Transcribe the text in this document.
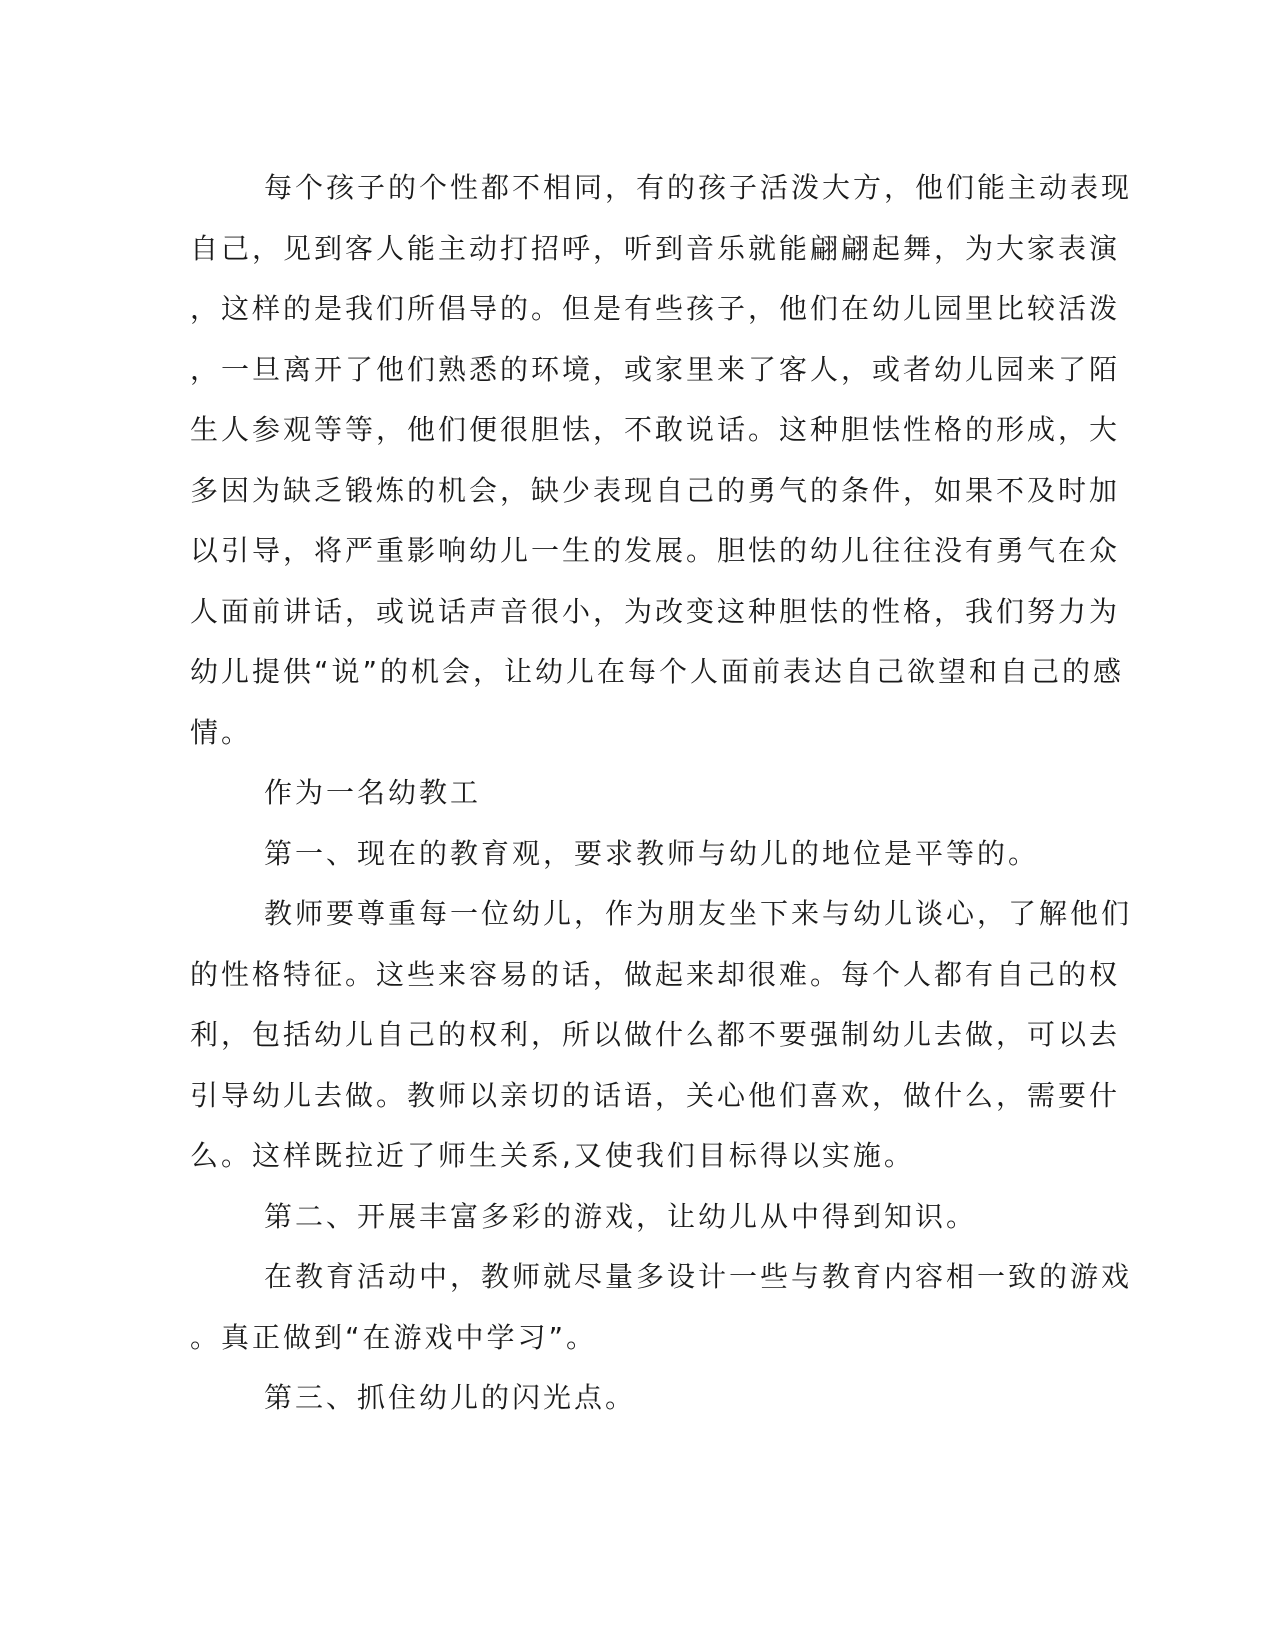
每个孩子的个性都不相同，有的孩子活泼大方，他们能主动表现
自己，见到客人能主动打招呼，听到音乐就能翩翩起舞，为大家表演
，这样的是我们所倡导的。但是有些孩子，他们在幼儿园里比较活泼
，一旦离开了他们熟悉的环境，或家里来了客人，或者幼儿园来了陌
生人参观等等，他们便很胆怯，不敢说话。这种胆怯性格的形成，大
多因为缺乏锻炼的机会，缺少表现自己的勇气的条件，如果不及时加
以引导，将严重影响幼儿一生的发展。胆怯的幼儿往往没有勇气在众
人面前讲话，或说话声音很小，为改变这种胆怯的性格，我们努力为
幼儿提供“说”的机会，让幼儿在每个人面前表达自己欲望和自己的感
情。
作为一名幼教工
第一、现在的教育观，要求教师与幼儿的地位是平等的。
教师要尊重每一位幼儿，作为朋友坐下来与幼儿谈心，了解他们
的性格特征。这些来容易的话，做起来却很难。每个人都有自己的权
利，包括幼儿自己的权利，所以做什么都不要强制幼儿去做，可以去
引导幼儿去做。教师以亲切的话语，关心他们喜欢，做什么，需要什
么。这样既拉近了师生关系,又使我们目标得以实施。
第二、开展丰富多彩的游戏，让幼儿从中得到知识。
在教育活动中，教师就尽量多设计一些与教育内容相一致的游戏
。真正做到“在游戏中学习”。
第三、抓住幼儿的闪光点。
